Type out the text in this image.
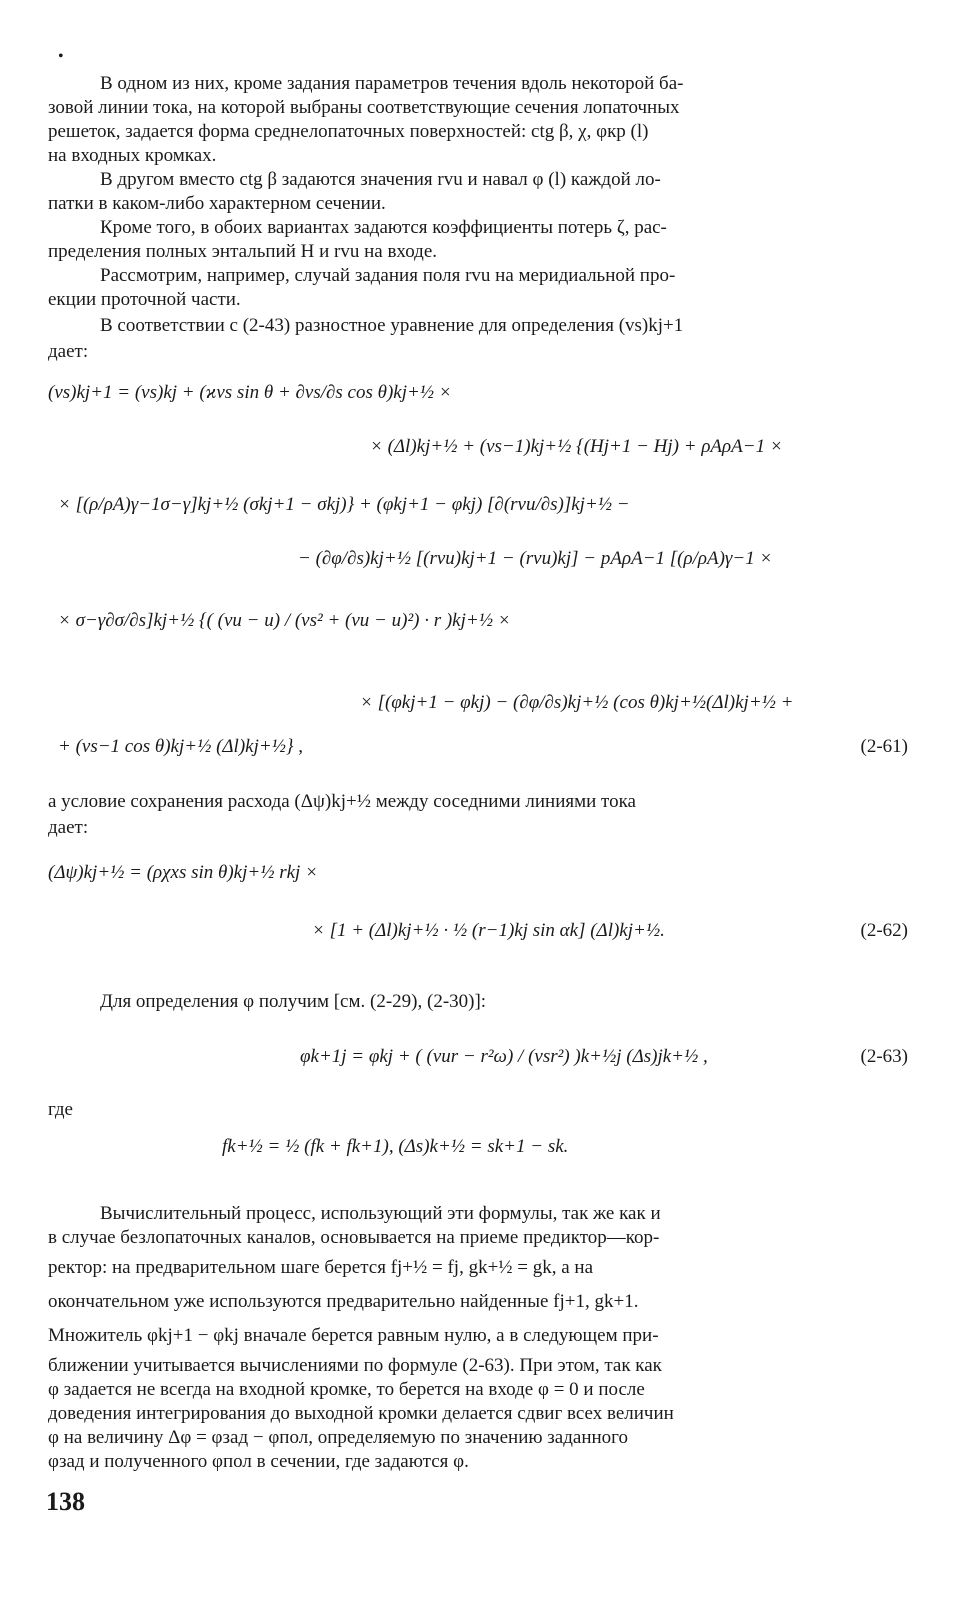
•
В одном из них, кроме задания параметров течения вдоль некоторой ба-
зовой линии тока, на которой выбраны соответствующие сечения лопаточных
решеток, задается форма среднелопаточных поверхностей: ctg β, χ, φкр (l)
на входных кромках.
В другом вместо ctg β задаются значения rvu и навал φ (l) каждой ло-
патки в каком-либо характерном сечении.
Кроме того, в обоих вариантах задаются коэффициенты потерь ζ, рас-
пределения полных энтальпий H и rvu на входе.
Рассмотрим, например, случай задания поля rvu на меридиальной про-
екции проточной части.
В соответствии с (2-43) разностное уравнение для определения (vs)kj+1
дает:
(vs)kj+1 = (vs)kj + (ϰvs sin θ + ∂vs/∂s cos θ)kj+½ ×
× (Δl)kj+½ + (vs−1)kj+½ {(Hj+1 − Hj) + ρAρA−1 ×
× [(ρ/ρA)γ−1σ−γ]kj+½ (σkj+1 − σkj)} + (φkj+1 − φkj) [∂(rvu/∂s)]kj+½ −
− (∂φ/∂s)kj+½ [(rvu)kj+1 − (rvu)kj] − pAρA−1 [(ρ/ρA)γ−1 ×
× σ−γ∂σ/∂s]kj+½ {( (vu − u) / (vs² + (vu − u)²) · r )kj+½ ×
× [(φkj+1 − φkj) − (∂φ/∂s)kj+½ (cos θ)kj+½(Δl)kj+½ +
+ (vs−1 cos θ)kj+½ (Δl)kj+½} ,	(2-61)
а условие сохранения расхода (Δψ)kj+½ между соседними линиями тока
дает:
(Δψ)kj+½ = (ρχxs sin θ)kj+½ rkj ×
× [1 + (Δl)kj+½ · ½ (r−1)kj sin αk] (Δl)kj+½.	(2-62)
Для определения φ получим [см. (2-29), (2-30)]:
φk+1j = φkj + ( (vur − r²ω) / (vsr²) )k+½j (Δs)jk+½ ,	(2-63)
где
fk+½ = ½ (fk + fk+1), (Δs)k+½ = sk+1 − sk.
Вычислительный процесс, использующий эти формулы, так же как и
в случае безлопаточных каналов, основывается на приеме предиктор—кор-
ректор: на предварительном шаге берется fj+½ = fj, gk+½ = gk, а на
окончательном уже используются предварительно найденные fj+1, gk+1.
Множитель φkj+1 − φkj вначале берется равным нулю, а в следующем при-
ближении учитывается вычислениями по формуле (2-63). При этом, так как
φ задается не всегда на входной кромке, то берется на входе φ = 0 и после
доведения интегрирования до выходной кромки делается сдвиг всех величин
φ на величину Δφ = φзад − φпол, определяемую по значению заданного
φзад и полученного φпол в сечении, где задаются φ.
138
